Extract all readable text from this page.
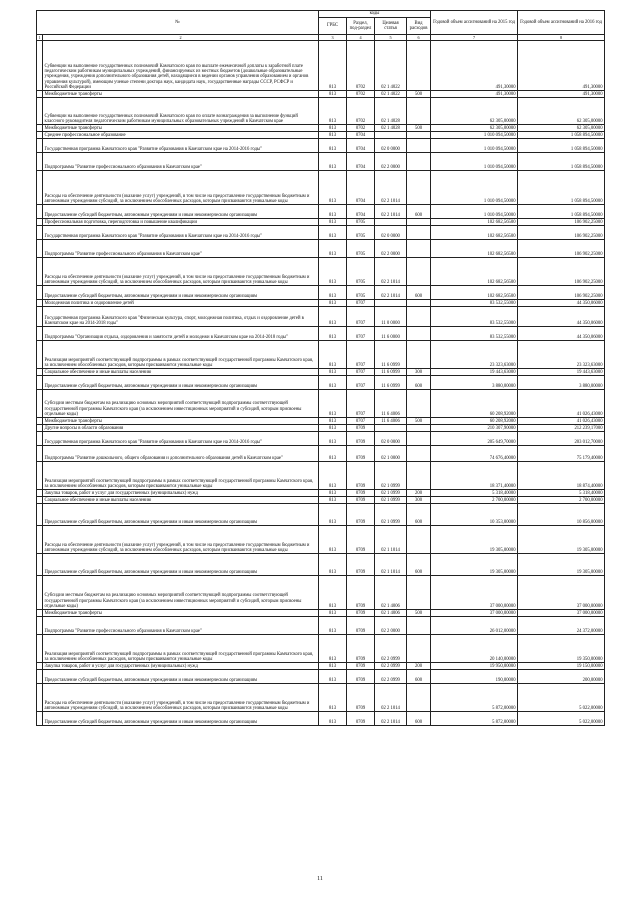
№		коды				Годовой объем ассигнований на 2015 год	Годовой объем ассигнований на 2016 год
		ГРБС	Раздел, под-раздел	Целевая статья	Вид расходов		
1	2	3	4	5	6	7	8
	Субвенции на выполнение государственных полномочий Камчатского края по выплате ежемесячной доплаты к заработной плате педагогическим работникам муниципальных учреждений, финансируемых из местных бюджетов (дошкольные образовательные учреждения, учреждения дополнительного образования детей, находящиеся в ведении органов управления образованием и органов управления культурой), имеющим ученые степени доктора наук, кандидата наук, государственные награды СССР, РСФСР и Российской Федерации	813	0702	02 1 4022		491,30000	491,30000
	Межбюджетные трансферты	813	0702	02 1 4022	500	491,30000	491,30000
	Субвенции на выполнение государственных полномочий Камчатского края по оплате вознаграждения за выполнение функций классного руководителя педагогическим работникам муниципальных образовательных учреждений в Камчатском крае	813	0702	02 1 4028		62 305,00000	62 305,00000
	Межбюджетные трансферты	813	0702	02 1 4028	500	62 305,00000	62 305,00000
	Среднее профессиональное образование	813	0704			1 010 094,50000	1 058 894,50000
	Государственная программа Камчатского края "Развитие образования в Камчатском крае на 2014-2016 годы"	813	0704	02 0 0000		1 010 094,50000	1 058 894,50000
	Подпрограмма "Развитие профессионального образования в Камчатском крае"	813	0704	02 2 0000		1 010 094,50000	1 058 894,50000
	Расходы на обеспечение деятельности (оказание услуг) учреждений, в том числе на предоставление государственным бюджетным и автономным учреждениям субсидий, за исключением обособленных расходов, которым присваиваются уникальные коды	813	0704	02 2 1014		1 010 094,50000	1 058 894,50000
	Предоставление субсидий бюджетным, автономным учреждениям и иным некоммерческим организациям	813	0704	02 2 1014	600	1 010 094,50000	1 058 894,50000
	Профессиональная подготовка, переподготовка и повышение квалификации	813	0705			102 682,56500	106 902,25000
	Государственная программа Камчатского края "Развитие образования в Камчатском крае на 2014-2016 годы"	813	0705	02 0 0000		102 682,56500	106 902,25000
	Подпрограмма "Развитие профессионального образования в Камчатском крае"	813	0705	02 2 0000		102 682,56500	106 902,25000
	Расходы на обеспечение деятельности (оказание услуг) учреждений, в том числе на предоставление государственным бюджетным и автономным учреждениям субсидий, за исключением обособленных расходов, которым присваиваются уникальные коды	813	0705	02 2 1014		102 682,56500	106 902,25000
	Предоставление субсидий бюджетным, автономным учреждениям и иным некоммерческим организациям	813	0705	02 2 1014	600	102 682,56500	106 902,25000
	Молодежная политика и оздоровление детей	813	0707			83 532,55000	44 350,06000
	Государственная программа Камчатского края "Физическая культура, спорт, молодежная политика, отдых и оздоровление детей в Камчатском крае на 2014-2018 годы"	813	0707	11 0 0000		83 532,55000	44 350,06000
	Подпрограмма "Организация отдыха, оздоровления и занятости детей и молодежи в Камчатском крае на 2014-2018 годы"	813	0707	11 6 0000		83 532,55000	44 350,06000
	Реализация мероприятий соответствующей подпрограммы в рамках соответствующей государственной программы Камчатского края, за исключением обособленных расходов, которым присваиваются уникальные коды	813	0707	11 6 0999		23 323,63000	23 323,63000
	Социальное обеспечение и иные выплаты населению	813	0707	11 6 0999	300	19 443,63000	19 443,63000
	Предоставление субсидий бюджетным, автономным учреждениям и иным некоммерческим организациям	813	0707	11 6 0999	600	3 880,00000	3 880,00000
	Субсидии местным бюджетам на реализацию основных мероприятий соответствующей подпрограммы соответствующей государственной программы Камчатского края (за исключением инвестиционных мероприятий и субсидий, которым присвоены отдельные коды)	813	0707	11 6 4006		60 208,92000	41 026,43000
	Межбюджетные трансферты	813	0707	11 6 4006	500	60 208,92000	41 026,43000
	Другие вопросы в области образования	813	0709			210 307,90000	212 239,17000
	Государственная программа Камчатского края "Развитие образования в Камчатском крае на 2014-2016 годы"	813	0709	02 0 0000		205 649,70000	203 012,70000
	Подпрограмма "Развитие дошкольного, общего образования и дополнительного образования детей в Камчатском крае"	813	0709	02 1 0000		74 676,40000	75 179,40000
	Реализация мероприятий соответствующей подпрограммы в рамках соответствующей государственной программы Камчатского края, за исключением обособленных расходов, которым присваиваются уникальные коды	813	0709	02 1 0999		18 371,40000	18 874,40000
	Закупка товаров, работ и услуг для государственных (муниципальных) нужд	813	0709	02 1 0999	200	5 318,40000	5 318,40000
	Социальное обеспечение и иные выплаты населению	813	0709	02 1 0999	300	2 700,00000	2 700,00000
	Предоставление субсидий бюджетным, автономным учреждениям и иным некоммерческим организациям	813	0709	02 1 0999	600	10 353,00000	10 856,00000
	Расходы на обеспечение деятельности (оказание услуг) учреждений, в том числе на предоставление государственным бюджетным и автономным учреждениям субсидий, за исключением обособленных расходов, которым присваиваются уникальные коды	813	0709	02 1 1014		19 305,00000	19 305,00000
	Предоставление субсидий бюджетным, автономным учреждениям и иным некоммерческим организациям	813	0709	02 1 1014	600	19 305,00000	19 305,00000
	Субсидии местным бюджетам на реализацию основных мероприятий соответствующей подпрограммы соответствующей государственной программы Камчатского края (за исключением инвестиционных мероприятий и субсидий, которым присвоены отдельные коды)	813	0709	02 1 4006		37 000,00000	37 000,00000
	Межбюджетные трансферты	813	0709	02 1 4006	500	37 000,00000	37 000,00000
	Подпрограмма "Развитие профессионального образования в Камчатском крае"	813	0709	02 2 0000		26 012,00000	24 372,00000
	Реализация мероприятий соответствующей подпрограммы в рамках соответствующей государственной программы Камчатского края, за исключением обособленных расходов, которым присваиваются уникальные коды	813	0709	02 2 0999		20 140,00000	19 350,00000
	Закупка товаров, работ и услуг для государственных (муниципальных) нужд	813	0709	02 2 0999	200	19 950,00000	19 150,00000
	Предоставление субсидий бюджетным, автономным учреждениям и иным некоммерческим организациям	813	0709	02 2 0999	600	190,00000	200,00000
	Расходы на обеспечение деятельности (оказание услуг) учреждений, в том числе на предоставление государственным бюджетным и автономным учреждениям субсидий, за исключением обособленных расходов, которым присваиваются уникальные коды	813	0709	02 2 1014		5 872,00000	5 022,00000
	Предоставление субсидий бюджетным, автономным учреждениям и иным некоммерческим организациям	813	0709	02 2 1014	600	5 872,00000	5 022,00000
11
